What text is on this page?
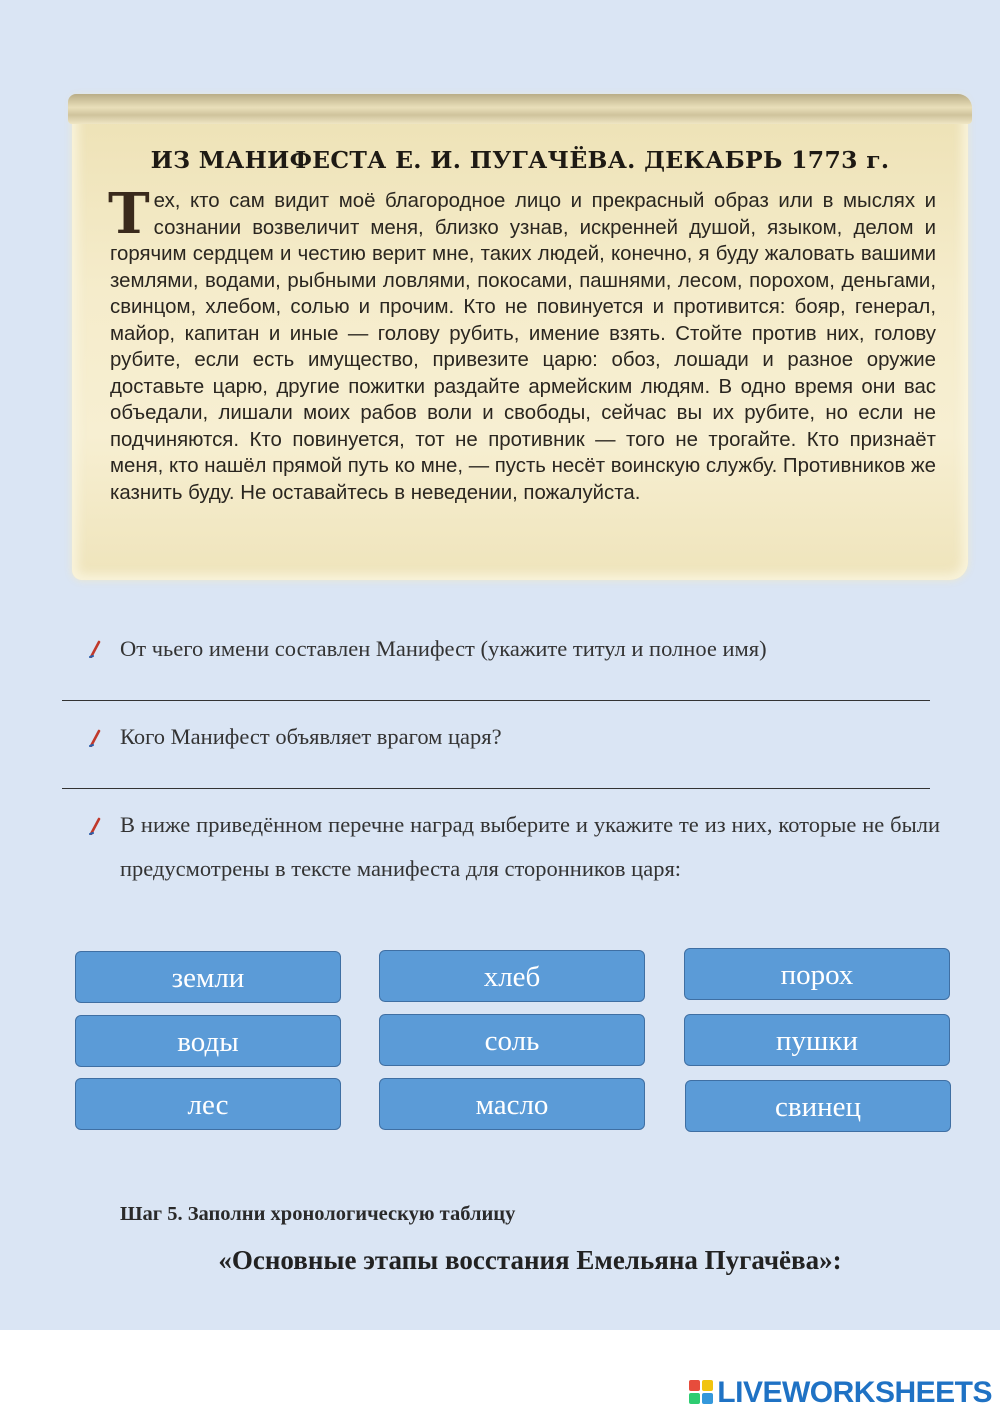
ИЗ МАНИФЕСТА Е. И. ПУГАЧЁВА. ДЕКАБРЬ 1773 г.
Тех, кто сам видит моё благородное лицо и прекрасный образ или в мыслях и сознании возвеличит меня, близко узнав, искренней душой, языком, делом и горячим сердцем и честию верит мне, таких людей, конечно, я буду жаловать вашими землями, водами, рыбными ловлями, покосами, пашнями, лесом, порохом, деньгами, свинцом, хлебом, солью и прочим. Кто не повинуется и противится: бояр, генерал, майор, капитан и иные — голову рубить, имение взять. Стойте против них, голову рубите, если есть имущество, привезите царю: обоз, лошади и разное оружие доставьте царю, другие пожитки раздайте армейским людям. В одно время они вас объедали, лишали моих рабов воли и свободы, сейчас вы их рубите, но если не подчиняются. Кто повинуется, тот не противник — того не трогайте. Кто признаёт меня, кто нашёл прямой путь ко мне, — пусть несёт воинскую службу. Противников же казнить буду. Не оставайтесь в неведении, пожалуйста.
От чьего имени составлен Манифест (укажите титул и полное имя)
Кого Манифест объявляет врагом царя?
В ниже приведённом перечне наград выберите и укажите те из них, которые не были предусмотрены в тексте манифеста для сторонников царя:
земли	хлеб	порох
воды	соль	пушки
лес	масло	свинец
Шаг 5. Заполни хронологическую таблицу
«Основные этапы восстания Емельяна Пугачёва»:
LIVEWORKSHEETS
